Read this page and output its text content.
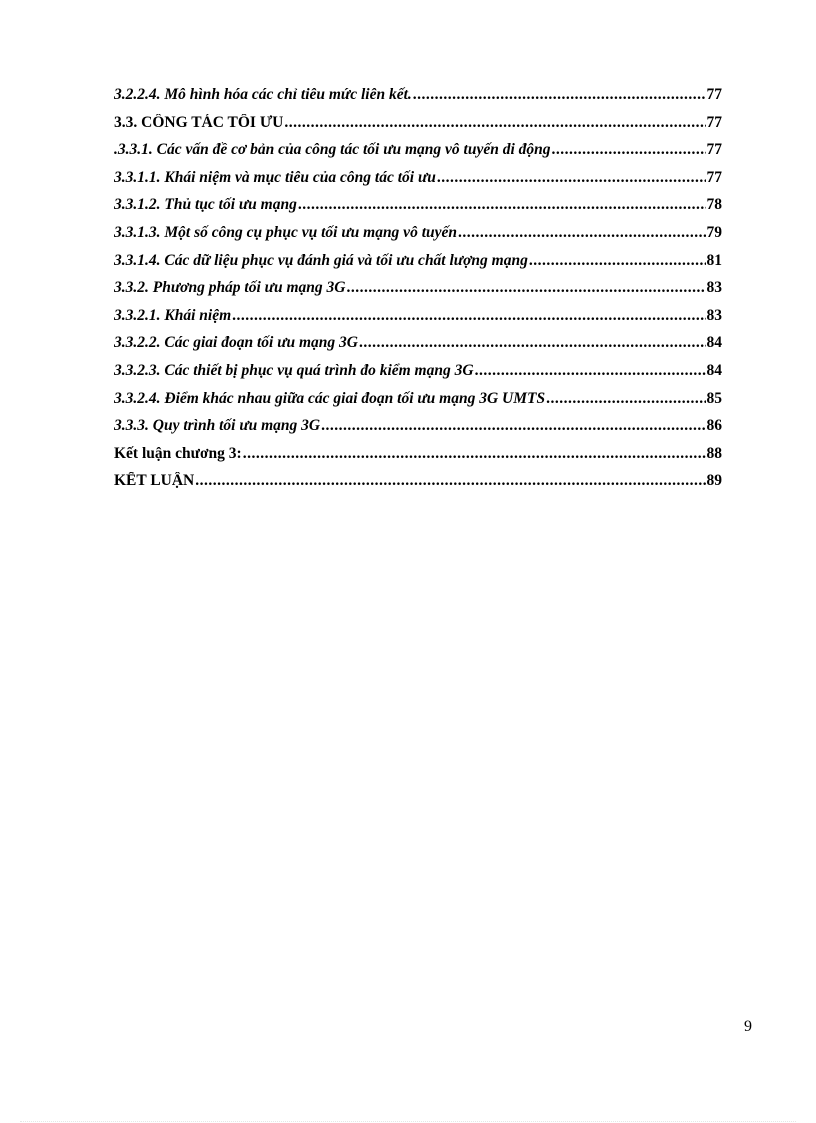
3.2.2.4. Mô hình hóa các chỉ tiêu mức liên kết. .....	77
3.3. CÔNG TÁC TỐI ƯU .....	77
.3.3.1. Các vấn đề cơ bản của công tác tối ưu mạng vô tuyến di động .....	77
3.3.1.1. Khái niệm và mục tiêu của công tác tối ưu .....	77
3.3.1.2. Thủ tục tối ưu mạng .....	78
3.3.1.3. Một số công cụ phục vụ tối ưu mạng vô tuyến .....	79
3.3.1.4. Các dữ liệu phục vụ đánh giá và tối ưu chất lượng mạng .....	81
3.3.2. Phương pháp tối ưu mạng 3G .....	83
3.3.2.1. Khái niệm .....	83
3.3.2.2. Các giai đoạn tối ưu mạng 3G .....	84
3.3.2.3. Các thiết bị phục vụ quá trình đo kiểm mạng 3G .....	84
3.3.2.4. Điểm khác nhau giữa các giai đoạn tối ưu mạng 3G UMTS .....	85
3.3.3. Quy trình tối ưu mạng 3G .....	86
Kết luận chương 3: .....	88
KẾT LUẬN .....	89
9
